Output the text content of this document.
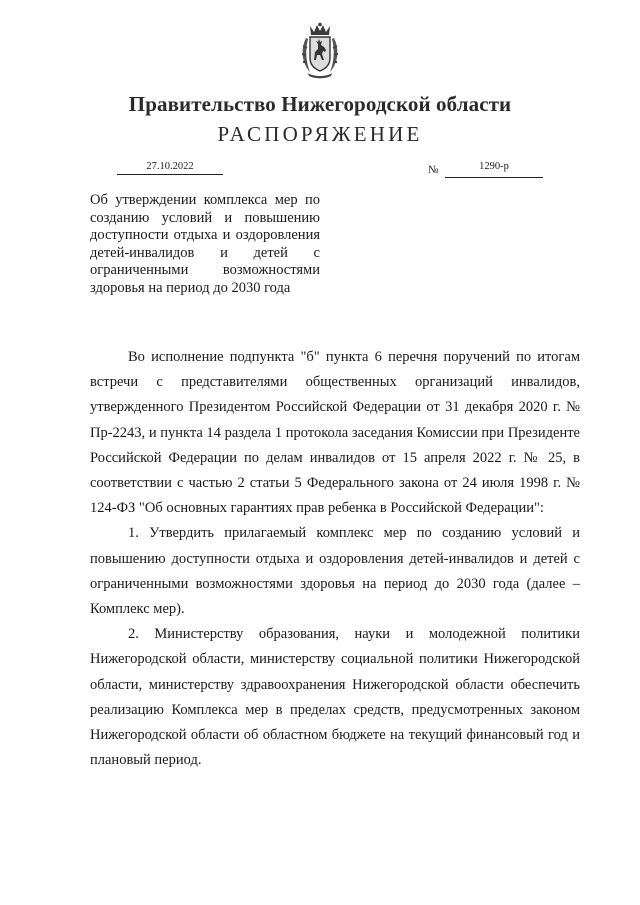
Правительство Нижегородской области
РАСПОРЯЖЕНИЕ
27.10.2022	№	1290-р
Об утверждении комплекса мер по созданию условий и повышению доступности отдыха и оздоровления детей-инвалидов и детей с ограниченными возможностями здоровья на период до 2030 года

Во исполнение подпункта "б" пункта 6 перечня поручений по итогам встречи с представителями общественных организаций инвалидов, утвержденного Президентом Российской Федерации от 31 декабря 2020 г. № Пр-2243, и пункта 14 раздела 1 протокола заседания Комиссии при Президенте Российской Федерации по делам инвалидов от 15 апреля 2022 г. № 25, в соответствии с частью 2 статьи 5 Федерального закона от 24 июля 1998 г. № 124-ФЗ "Об основных гарантиях прав ребенка в Российской Федерации":

1. Утвердить прилагаемый комплекс мер по созданию условий и повышению доступности отдыха и оздоровления детей-инвалидов и детей с ограниченными возможностями здоровья на период до 2030 года (далее – Комплекс мер).

2. Министерству образования, науки и молодежной политики Нижегородской области, министерству социальной политики Нижегородской области, министерству здравоохранения Нижегородской области обеспечить реализацию Комплекса мер в пределах средств, предусмотренных законом Нижегородской области об областном бюджете на текущий финансовый год и плановый период.
